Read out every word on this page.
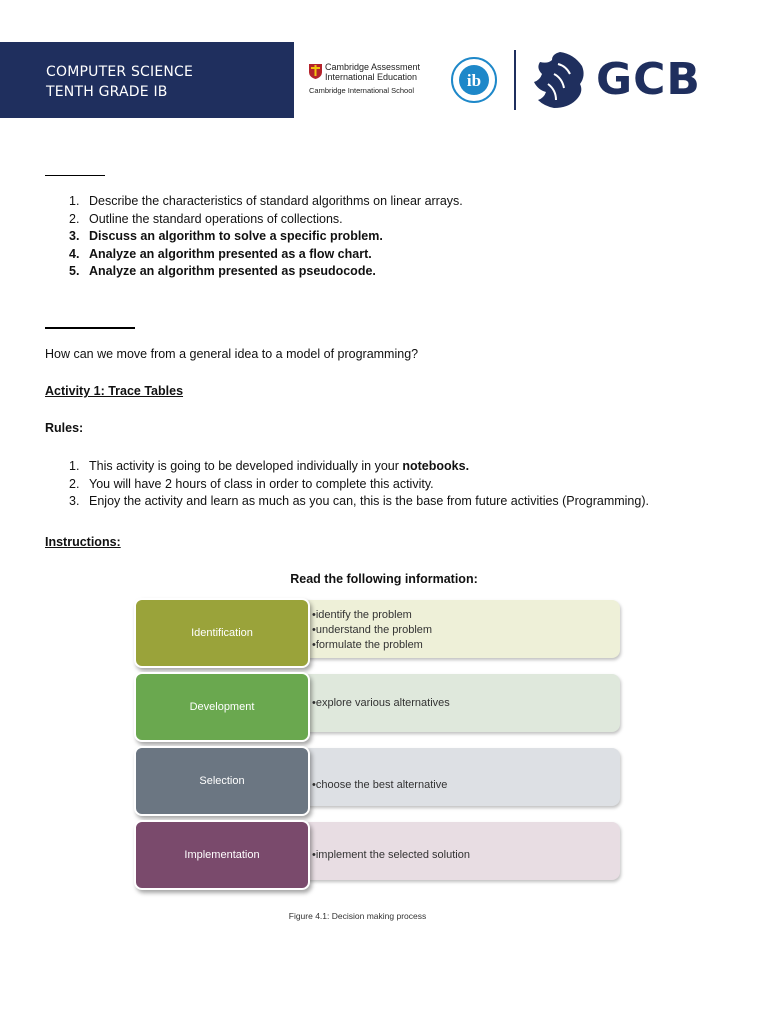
COMPUTER SCIENCE
TENTH GRADE IB
Cambridge Assessment
International Education
Cambridge International School
ib	GCB
1. Describe the characteristics of standard algorithms on linear arrays.
2. Outline the standard operations of collections.
3. Discuss an algorithm to solve a specific problem.
4. Analyze an algorithm presented as a flow chart.
5. Analyze an algorithm presented as pseudocode.
How can we move from a general idea to a model of programming?
Activity 1: Trace Tables
Rules:
1. This activity is going to be developed individually in your notebooks.
2. You will have 2 hours of class in order to complete this activity.
3. Enjoy the activity and learn as much as you can, this is the base from future activities (Programming).
Instructions:
Read the following information:
•identify the problem
•understand the problem
•formulate the problem
Identification
•explore various alternatives
Development
•choose the best alternative
Selection
•implement the selected solution
Implementation
Figure 4.1: Decision making process
